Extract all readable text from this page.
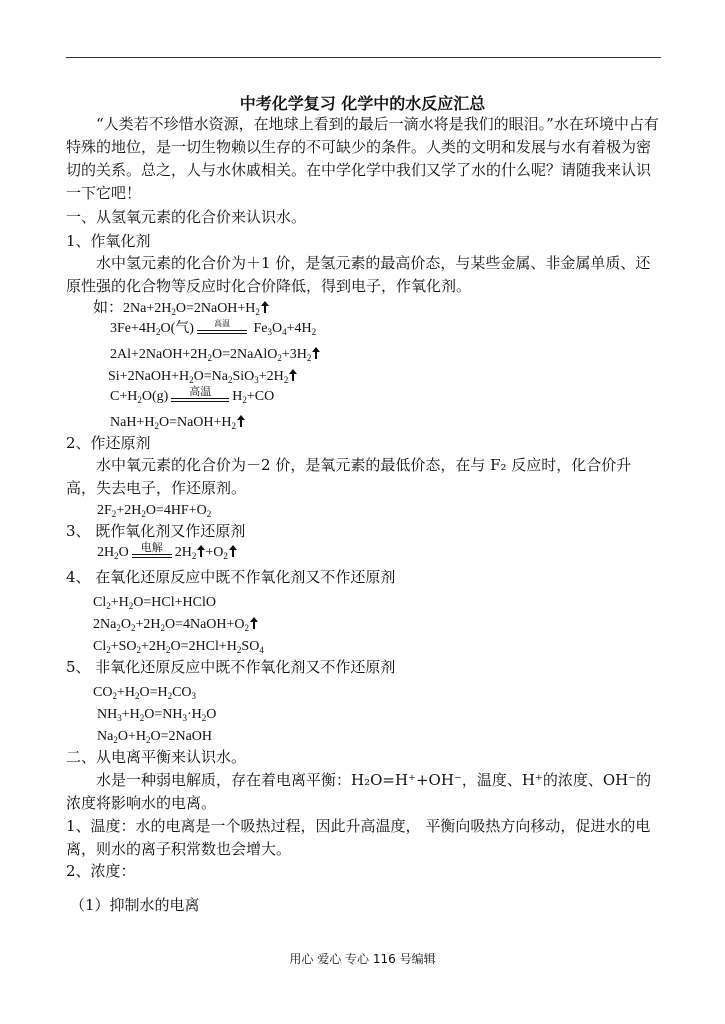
中考化学复习 化学中的水反应汇总
“人类若不珍惜水资源，在地球上看到的最后一滴水将是我们的眼泪。”水在环境中占有特殊的地位，是一切生物赖以生存的不可缺少的条件。人类的文明和发展与水有着极为密切的关系。总之，人与水休戚相关。在中学化学中我们又学了水的什么呢？请随我来认识一下它吧！
一、从氢氧元素的化合价来认识水。
1、作氧化剂
水中氢元素的化合价为＋1 价，是氢元素的最高价态，与某些金属、非金属单质、还原性强的化合物等反应时化合价降低，得到电子，作氧化剂。
如：$2Na+2H_2O=2NaOH+H_2$
$3Fe+4H_2O$(气)	高温	$Fe_3O_4+4H_2$
$2Al+2NaOH+2H_2O=2NaAlO_2+3H_2$
$Si+2NaOH+H_2O=Na_2SiO_3+2H_2$
$C+H_2O(g)$	高温	$H_2+CO$
$NaH+H_2O=NaOH+H_2$
2、作还原剂
水中氧元素的化合价为－2 价，是氧元素的最低价态，在与 F₂ 反应时，化合价升高，失去电子，作还原剂。
$2F_2+2H_2O=4HF+O_2$
3、 既作氧化剂又作还原剂
$2H_2O$	电解 $2H_2 +O_2$
4、 在氧化还原反应中既不作氧化剂又不作还原剂
$Cl_2+H_2O=HCl+HClO$
$2Na_2O_2+2H_2O=4NaOH+O_2$
$Cl_2+SO_2+2H_2O=2HCl+H_2SO_4$
5、 非氧化还原反应中既不作氧化剂又不作还原剂
$CO_2+H_2O=H_2CO_3$
$NH_3+H_2O=NH_3\cdot H_2O$
$Na_2O+H_2O=2NaOH$
二、从电离平衡来认识水。
水是一种弱电解质，存在着电离平衡：H₂O=H⁺+OH⁻，温度、H⁺的浓度、OH⁻的浓度将影响水的电离。
1、温度：水的电离是一个吸热过程，因此升高温度， 平衡向吸热方向移动，促进水的电离，则水的离子积常数也会增大。
2、浓度：
（1）抑制水的电离
用心 爱心 专心 116 号编辑
